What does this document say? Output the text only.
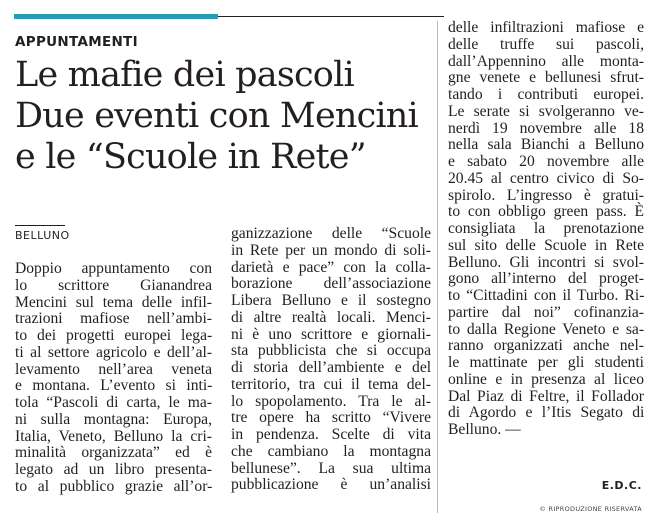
APPUNTAMENTI
Le mafie dei pascoli
Due eventi con Mencini
e le “Scuole in Rete”
BELLUNO
Doppio appuntamento con
lo scrittore Gianandrea
Mencini sul tema delle infil-
trazioni mafiose nell’ambi-
to dei progetti europei lega-
ti al settore agricolo e dell’al-
levamento nell’area veneta
e montana. L’evento si inti-
tola “Pascoli di carta, le ma-
ni sulla montagna: Europa,
Italia, Veneto, Belluno la cri-
minalità organizzata” ed è
legato ad un libro presenta-
to al pubblico grazie all’or-
ganizzazione delle “Scuole
in Rete per un mondo di soli-
darietà e pace” con la colla-
borazione dell’associazione
Libera Belluno e il sostegno
di altre realtà locali. Menci-
ni è uno scrittore e giornali-
sta pubblicista che si occupa
di storia dell’ambiente e del
territorio, tra cui il tema del-
lo spopolamento. Tra le al-
tre opere ha scritto “Vivere
in pendenza. Scelte di vita
che cambiano la montagna
bellunese”. La sua ultima
pubblicazione è un’analisi
delle infiltrazioni mafiose e
delle truffe sui pascoli,
dall’Appennino alle monta-
gne venete e bellunesi sfrut-
tando i contributi europei.
Le serate si svolgeranno ve-
nerdì 19 novembre alle 18
nella sala Bianchi a Belluno
e sabato 20 novembre alle
20.45 al centro civico di So-
spirolo. L’ingresso è gratui-
to con obbligo green pass. È
consigliata la prenotazione
sul sito delle Scuole in Rete
Belluno. Gli incontri si svol-
gono all’interno del proget-
to “Cittadini con il Turbo. Ri-
partire dal noi” cofinanzia-
to dalla Regione Veneto e sa-
ranno organizzati anche nel-
le mattinate per gli studenti
online e in presenza al liceo
Dal Piaz di Feltre, il Follador
di Agordo e l’Itis Segato di
Belluno. —
E.D.C.
© RIPRODUZIONE RISERVATA
